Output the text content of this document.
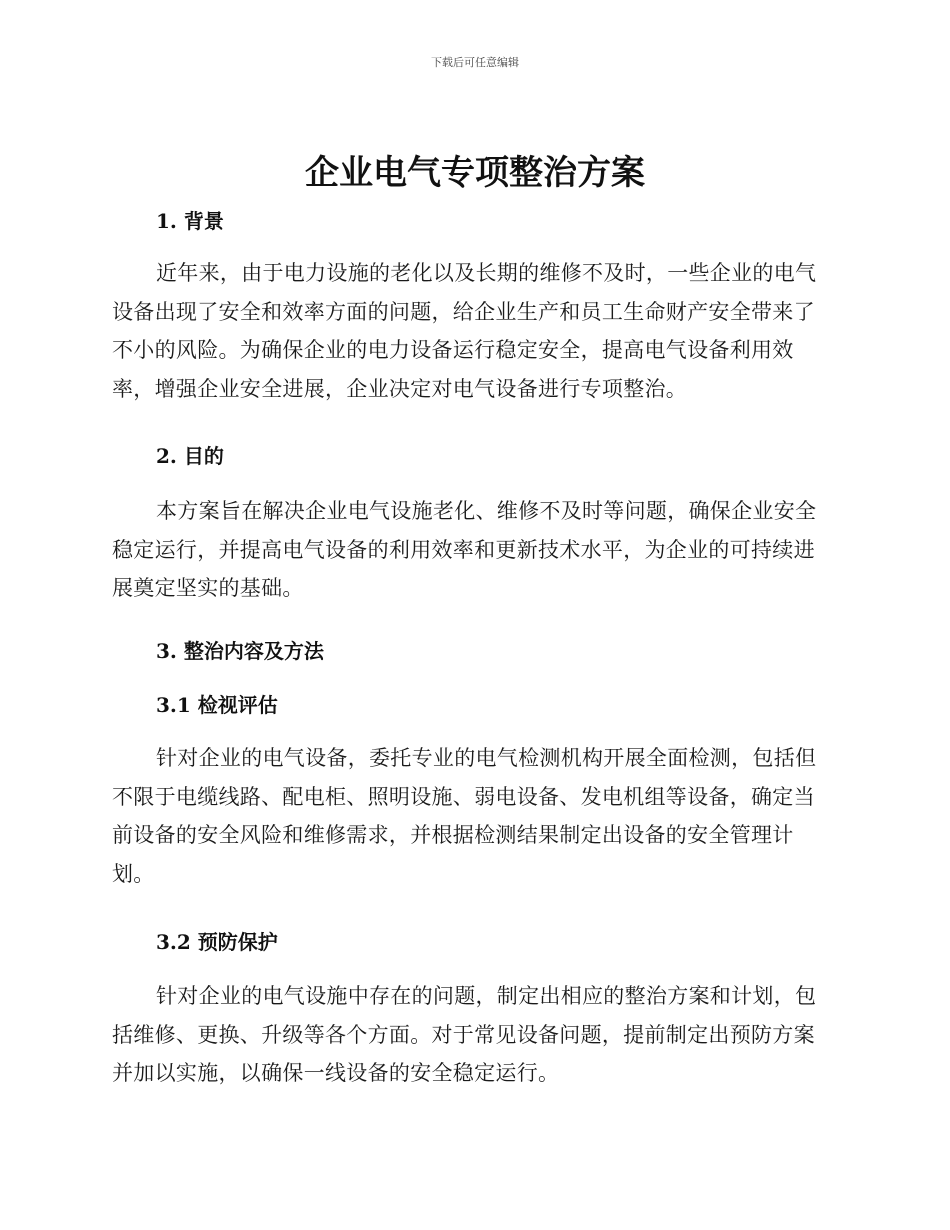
下载后可任意编辑
企业电气专项整治方案
1. 背景

近年来，由于电力设施的老化以及长期的维修不及时，一些企业的电气设备出现了安全和效率方面的问题，给企业生产和员工生命财产安全带来了不小的风险。为确保企业的电力设备运行稳定安全，提高电气设备利用效率，增强企业安全进展，企业决定对电气设备进行专项整治。

2. 目的

本方案旨在解决企业电气设施老化、维修不及时等问题，确保企业安全稳定运行，并提高电气设备的利用效率和更新技术水平，为企业的可持续进展奠定坚实的基础。

3. 整治内容及方法
3.1 检视评估

针对企业的电气设备，委托专业的电气检测机构开展全面检测，包括但不限于电缆线路、配电柜、照明设施、弱电设备、发电机组等设备，确定当前设备的安全风险和维修需求，并根据检测结果制定出设备的安全管理计划。

3.2 预防保护

针对企业的电气设施中存在的问题，制定出相应的整治方案和计划，包括维修、更换、升级等各个方面。对于常见设备问题，提前制定出预防方案并加以实施，以确保一线设备的安全稳定运行。
